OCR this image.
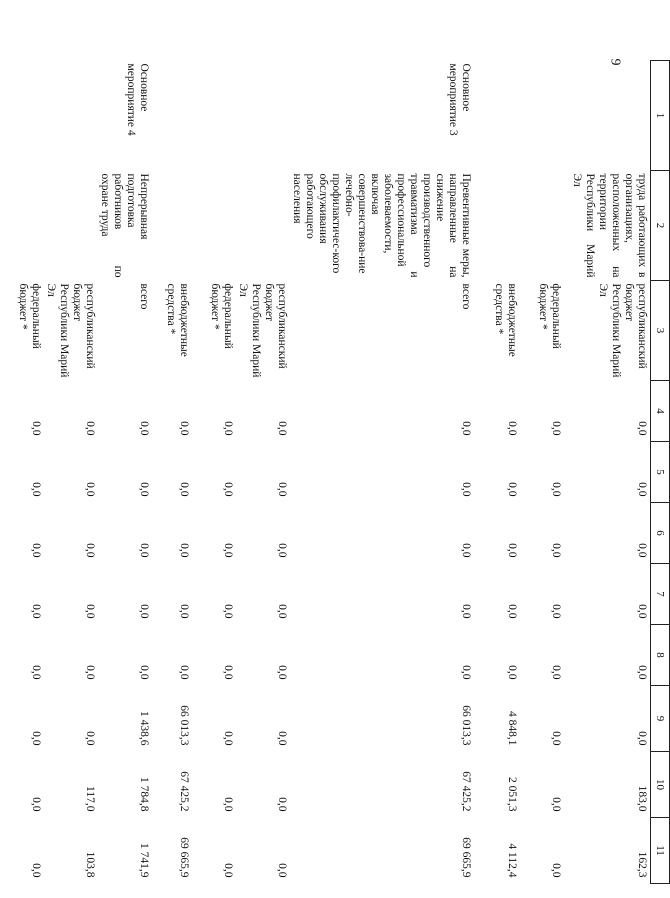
9
1	2	3	4	5	6	7	8	9	10	11
	труда работающих в организациях, расположенных на территории Республики Марий Эл	республиканский бюджет Республики Марий Эл	0,0	0,0	0,0	0,0	0,0	0,0	183,0	162,3
		федеральный бюджет *	0,0	0,0	0,0	0,0	0,0	0,0	0,0	0,0
		внебюджетные средства *	0,0	0,0	0,0	0,0	0,0	4 848,1	2 051,3	4 112,4
Основное мероприятие 3	Превентивные меры, направленные на снижение производственного травматизма и профессиональной заболеваемости, включая совершенствова-ние лечебно-профилактичес-кого обслуживания работающего населения	всего	0,0	0,0	0,0	0,0	0,0	66 013,3	67 425,2	69 665,9
		республиканский бюджет Республики Марий Эл	0,0	0,0	0,0	0,0	0,0	0,0	0,0	0,0
		федеральный бюджет *	0,0	0,0	0,0	0,0	0,0	0,0	0,0	0,0
		внебюджетные средства *	0,0	0,0	0,0	0,0	0,0	66 013,3	67 425,2	69 665,9
Основное мероприятие 4	Непрерывная подготовка работников по охране труда	всего	0,0	0,0	0,0	0,0	0,0	1 438,6	1 784,8	1 741,9
		республиканский бюджет Республики Марий Эл	0,0	0,0	0,0	0,0	0,0	0,0	117,0	103,8
		федеральный бюджет *	0,0	0,0	0,0	0,0	0,0	0,0	0,0	0,0
